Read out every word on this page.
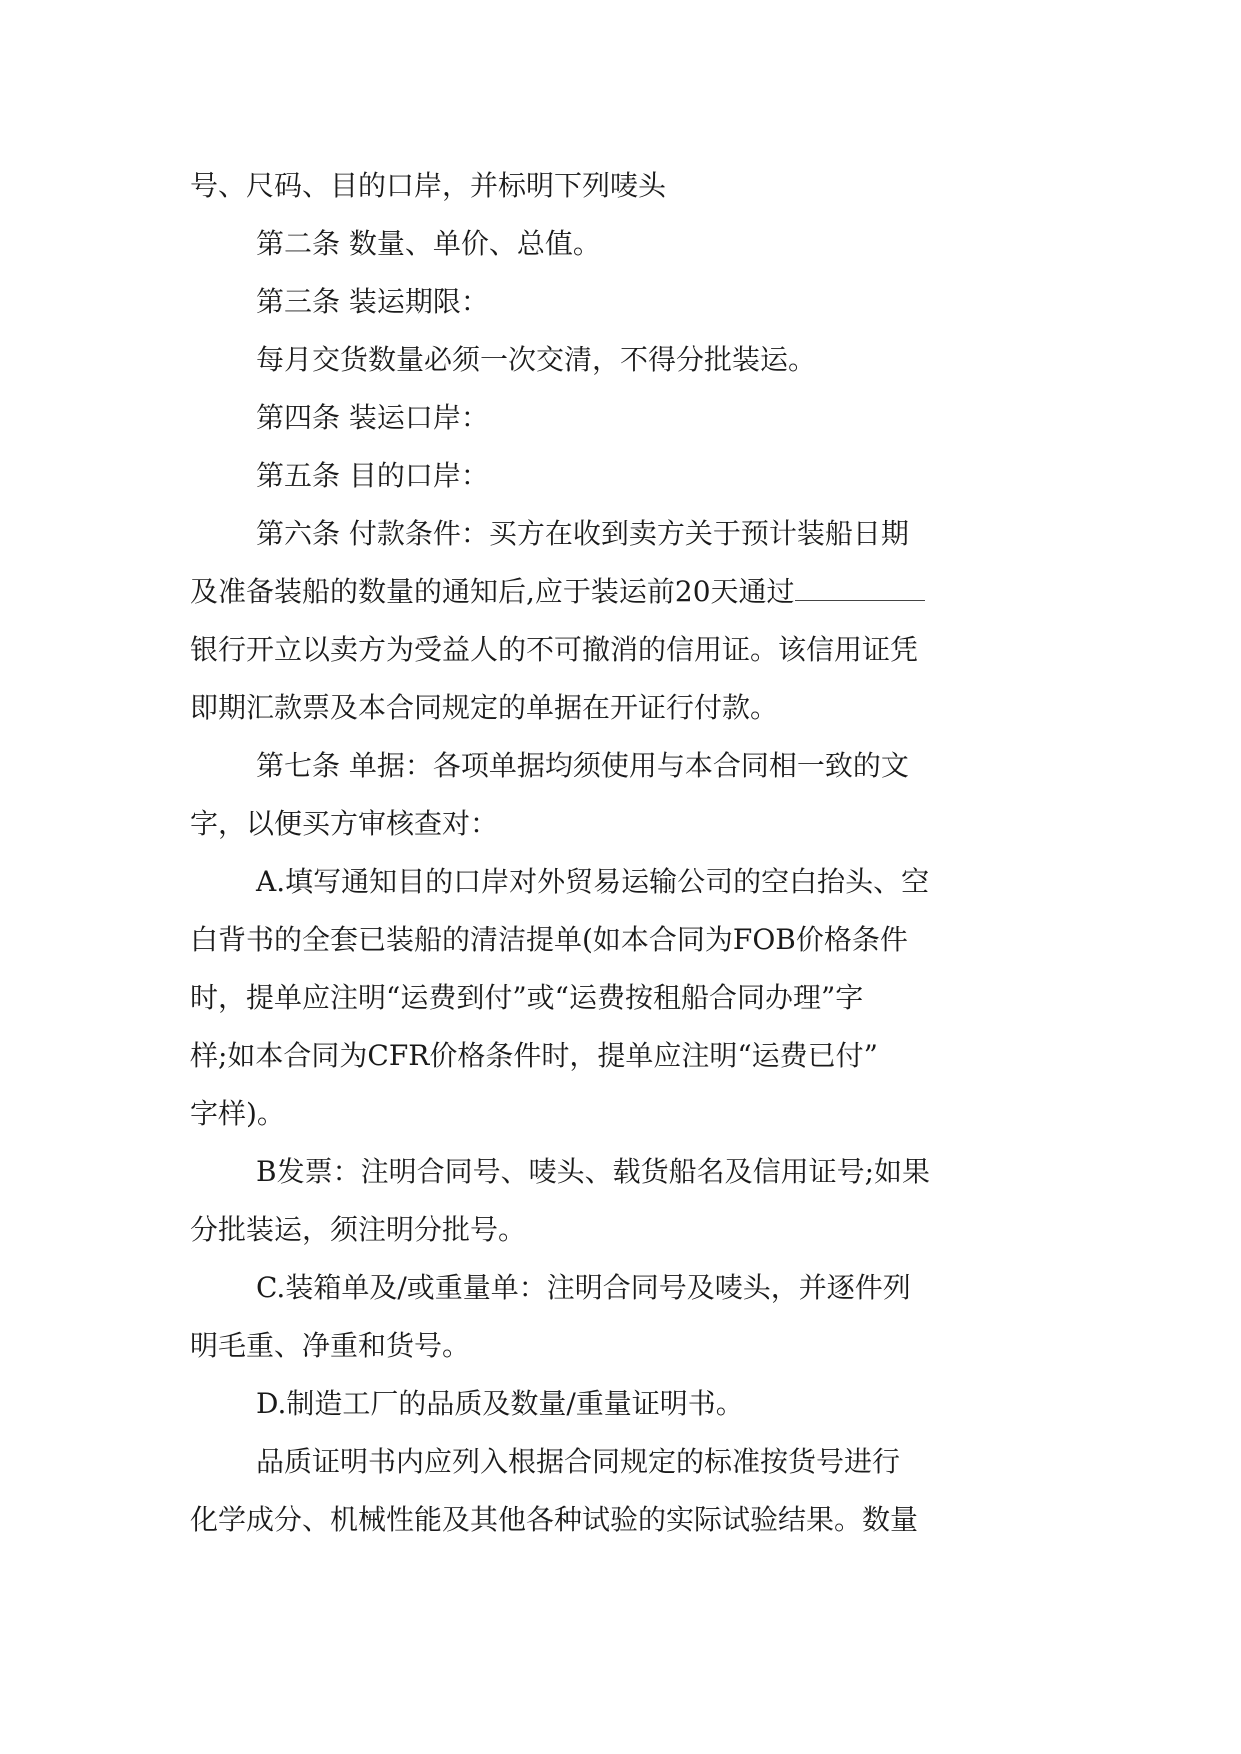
号、尺码、目的口岸，并标明下列唛头
第二条 数量、单价、总值。
第三条 装运期限：
每月交货数量必须一次交清，不得分批装运。
第四条 装运口岸：
第五条 目的口岸：
第六条 付款条件：买方在收到卖方关于预计装船日期
及准备装船的数量的通知后,应于装运前20天通过
银行开立以卖方为受益人的不可撤消的信用证。该信用证凭
即期汇款票及本合同规定的单据在开证行付款。
第七条 单据：各项单据均须使用与本合同相一致的文
字，以便买方审核查对：
A.填写通知目的口岸对外贸易运输公司的空白抬头、空
白背书的全套已装船的清洁提单(如本合同为FOB价格条件
时，提单应注明“运费到付”或“运费按租船合同办理”字
样;如本合同为CFR价格条件时，提单应注明“运费已付”
字样)。
B发票：注明合同号、唛头、载货船名及信用证号;如果
分批装运，须注明分批号。
C.装箱单及/或重量单：注明合同号及唛头，并逐件列
明毛重、净重和货号。
D.制造工厂的品质及数量/重量证明书。
品质证明书内应列入根据合同规定的标准按货号进行
化学成分、机械性能及其他各种试验的实际试验结果。数量
